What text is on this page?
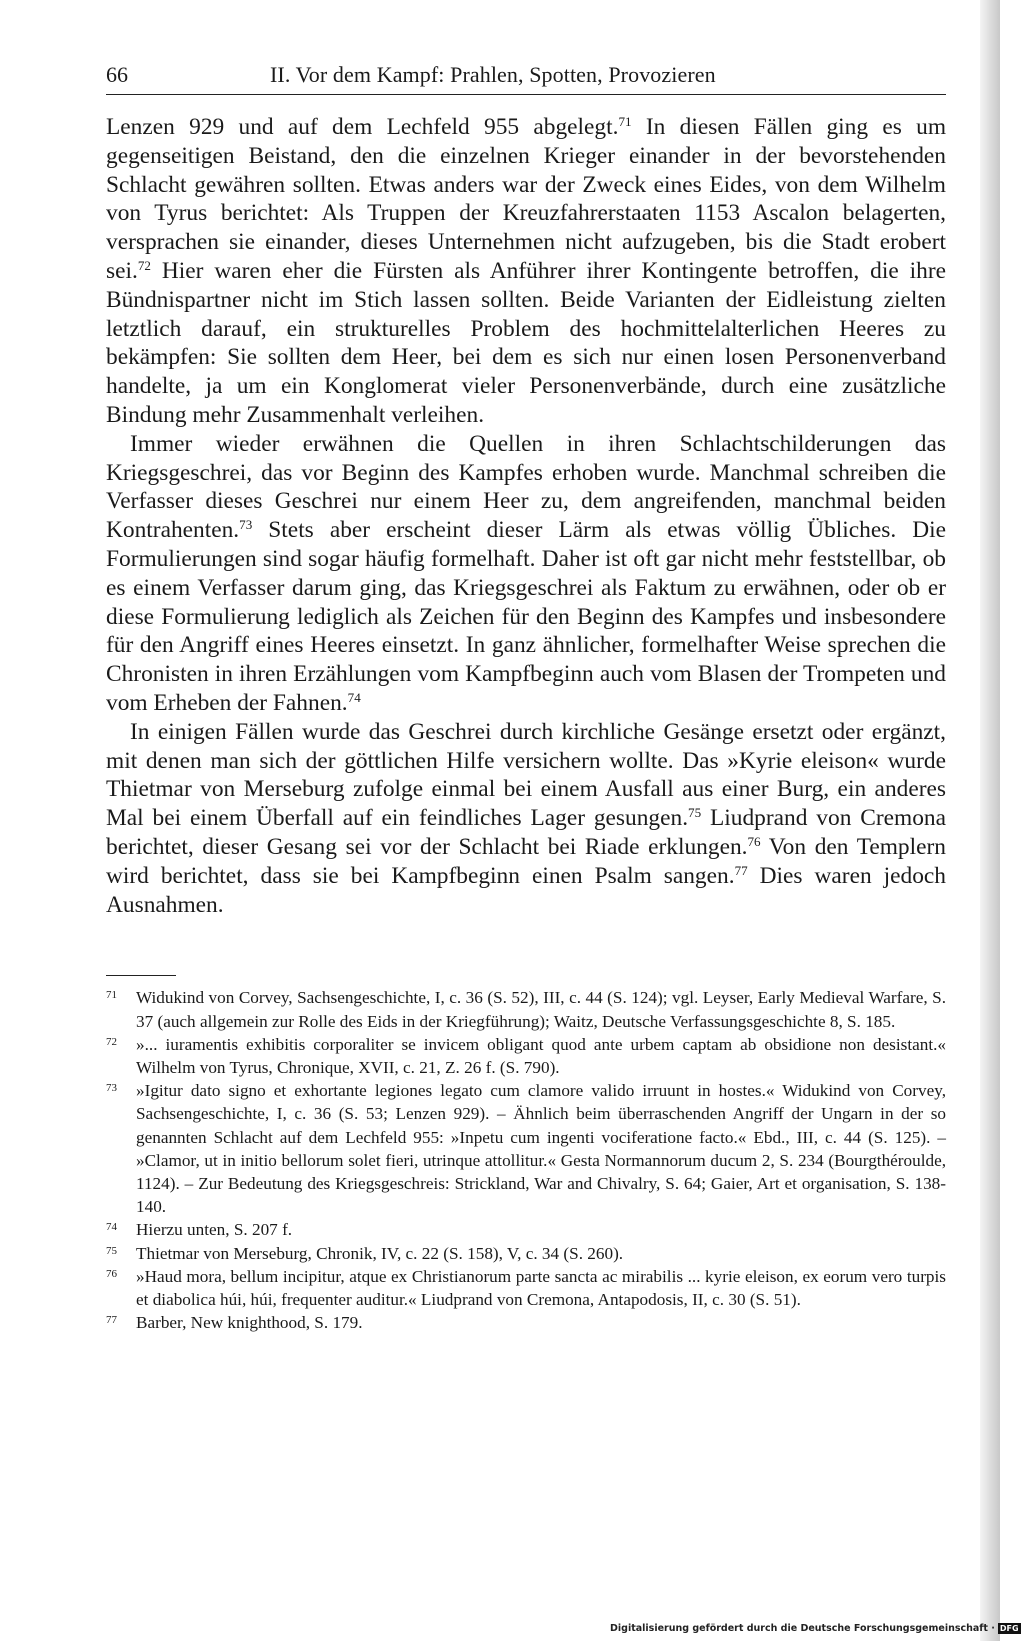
66	II. Vor dem Kampf: Prahlen, Spotten, Provozieren

Lenzen 929 und auf dem Lechfeld 955 abgelegt.$^{71}$ In diesen Fällen ging es um gegenseitigen Beistand, den die einzelnen Krieger einander in der bevorstehenden Schlacht gewähren sollten. Etwas anders war der Zweck eines Eides, von dem Wilhelm von Tyrus berichtet: Als Truppen der Kreuzfahrerstaaten 1153 Ascalon belagerten, versprachen sie einander, dieses Unternehmen nicht aufzugeben, bis die Stadt erobert sei.$^{72}$ Hier waren eher die Fürsten als Anführer ihrer Kontingente betroffen, die ihre Bündnispartner nicht im Stich lassen sollten. Beide Varianten der Eidleistung zielten letztlich darauf, ein strukturelles Problem des hochmittelalterlichen Heeres zu bekämpfen: Sie sollten dem Heer, bei dem es sich nur einen losen Personenverband handelte, ja um ein Konglomerat vieler Personenverbände, durch eine zusätzliche Bindung mehr Zusammenhalt verleihen.

Immer wieder erwähnen die Quellen in ihren Schlachtschilderungen das Kriegsgeschrei, das vor Beginn des Kampfes erhoben wurde. Manchmal schreiben die Verfasser dieses Geschrei nur einem Heer zu, dem angreifenden, manchmal beiden Kontrahenten.$^{73}$ Stets aber erscheint dieser Lärm als etwas völlig Übliches. Die Formulierungen sind sogar häufig formelhaft. Daher ist oft gar nicht mehr feststellbar, ob es einem Verfasser darum ging, das Kriegsgeschrei als Faktum zu erwähnen, oder ob er diese Formulierung lediglich als Zeichen für den Beginn des Kampfes und insbesondere für den Angriff eines Heeres einsetzt. In ganz ähnlicher, formelhafter Weise sprechen die Chronisten in ihren Erzählungen vom Kampfbeginn auch vom Blasen der Trompeten und vom Erheben der Fahnen.$^{74}$

In einigen Fällen wurde das Geschrei durch kirchliche Gesänge ersetzt oder ergänzt, mit denen man sich der göttlichen Hilfe versichern wollte. Das »Kyrie eleison« wurde Thietmar von Merseburg zufolge einmal bei einem Ausfall aus einer Burg, ein anderes Mal bei einem Überfall auf ein feindliches Lager gesungen.$^{75}$ Liudprand von Cremona berichtet, dieser Gesang sei vor der Schlacht bei Riade erklungen.$^{76}$ Von den Templern wird berichtet, dass sie bei Kampfbeginn einen Psalm sangen.$^{77}$ Dies waren jedoch Ausnahmen.

71	Widukind von Corvey, Sachsengeschichte, I, c. 36 (S. 52), III, c. 44 (S. 124); vgl. Leyser, Early Medieval Warfare, S. 37 (auch allgemein zur Rolle des Eids in der Kriegführung); Waitz, Deutsche Verfassungsgeschichte 8, S. 185.
72	»... iuramentis exhibitis corporaliter se invicem obligant quod ante urbem captam ab obsidione non desistant.« Wilhelm von Tyrus, Chronique, XVII, c. 21, Z. 26 f. (S. 790).
73	»Igitur dato signo et exhortante legiones legato cum clamore valido irruunt in hostes.« Widukind von Corvey, Sachsengeschichte, I, c. 36 (S. 53; Lenzen 929). – Ähnlich beim überraschenden Angriff der Ungarn in der so genannten Schlacht auf dem Lechfeld 955: »Inpetu cum ingenti vociferatione facto.« Ebd., III, c. 44 (S. 125). – »Clamor, ut in initio bellorum solet fieri, utrinque attollitur.« Gesta Normannorum ducum 2, S. 234 (Bourgthéroulde, 1124). – Zur Bedeutung des Kriegsgeschreis: Strickland, War and Chivalry, S. 64; Gaier, Art et organisation, S. 138-140.
74	Hierzu unten, S. 207 f.
75	Thietmar von Merseburg, Chronik, IV, c. 22 (S. 158), V, c. 34 (S. 260).
76	»Haud mora, bellum incipitur, atque ex Christianorum parte sancta ac mirabilis ... kyrie eleison, ex eorum vero turpis et diabolica húi, húi, frequenter auditur.« Liudprand von Cremona, Antapodosis, II, c. 30 (S. 51).
77	Barber, New knighthood, S. 179.
Digitalisierung gefördert durch die Deutsche Forschungsgemeinschaft · DFG
